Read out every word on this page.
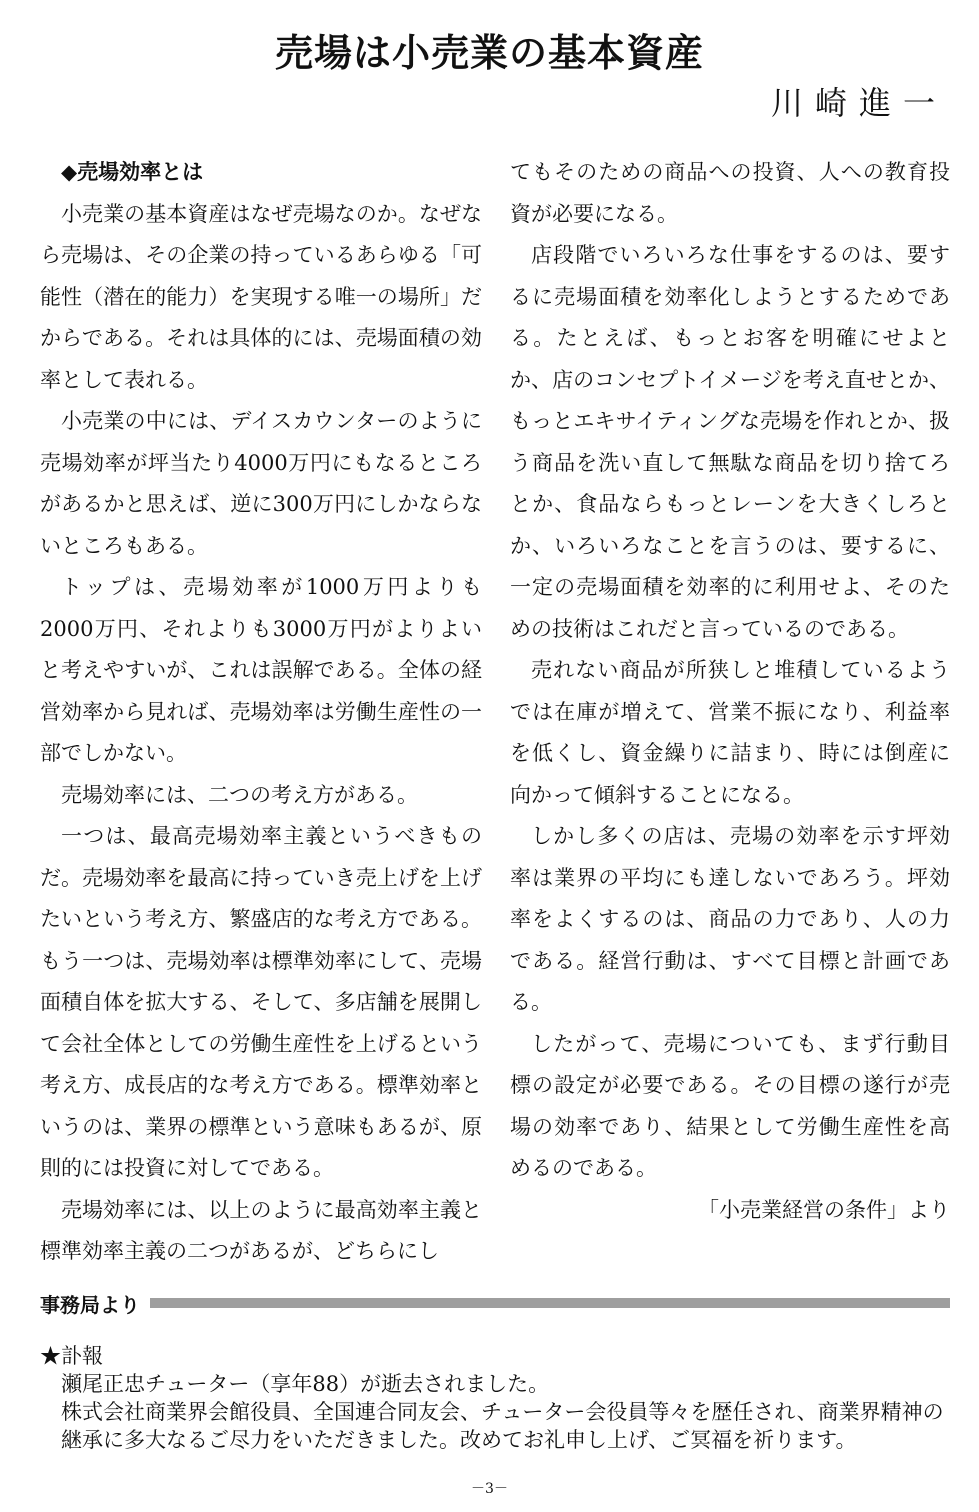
売場は小売業の基本資産

川崎進一

◆売場効率とは

小売業の基本資産はなぜ売場なのか。なぜなら売場は、その企業の持っているあらゆる「可能性（潜在的能力）を実現する唯一の場所」だからである。それは具体的には、売場面積の効率として表れる。

小売業の中には、デイスカウンターのように売場効率が坪当たり4000万円にもなるところがあるかと思えば、逆に300万円にしかならないところもある。

トップは、売場効率が1000万円よりも2000万円、それよりも3000万円がよりよいと考えやすいが、これは誤解である。全体の経営効率から見れば、売場効率は労働生産性の一部でしかない。

売場効率には、二つの考え方がある。

一つは、最高売場効率主義というべきものだ。売場効率を最高に持っていき売上げを上げたいという考え方、繁盛店的な考え方である。もう一つは、売場効率は標準効率にして、売場面積自体を拡大する、そして、多店舗を展開して会社全体としての労働生産性を上げるという考え方、成長店的な考え方である。標準効率というのは、業界の標準という意味もあるが、原則的には投資に対してである。

売場効率には、以上のように最高効率主義と標準効率主義の二つがあるが、どちらにし

てもそのための商品への投資、人への教育投資が必要になる。

店段階でいろいろな仕事をするのは、要するに売場面積を効率化しようとするためである。たとえば、もっとお客を明確にせよとか、店のコンセプトイメージを考え直せとか、もっとエキサイティングな売場を作れとか、扱う商品を洗い直して無駄な商品を切り捨てろとか、食品ならもっとレーンを大きくしろとか、いろいろなことを言うのは、要するに、一定の売場面積を効率的に利用せよ、そのための技術はこれだと言っているのである。

売れない商品が所狭しと堆積しているようでは在庫が増えて、営業不振になり、利益率を低くし、資金繰りに詰まり、時には倒産に向かって傾斜することになる。

しかし多くの店は、売場の効率を示す坪効率は業界の平均にも達しないであろう。坪効率をよくするのは、商品の力であり、人の力である。経営行動は、すべて目標と計画である。

したがって、売場についても、まず行動目標の設定が必要である。その目標の遂行が売場の効率であり、結果として労働生産性を高めるのである。

「小売業経営の条件」より

事務局より

★訃報

瀬尾正忠チューター（享年88）が逝去されました。

株式会社商業界会館役員、全国連合同友会、チューター会役員等々を歴任され、商業界精神の継承に多大なるご尽力をいただきました。改めてお礼申し上げ、ご冥福を祈ります。

－3－
